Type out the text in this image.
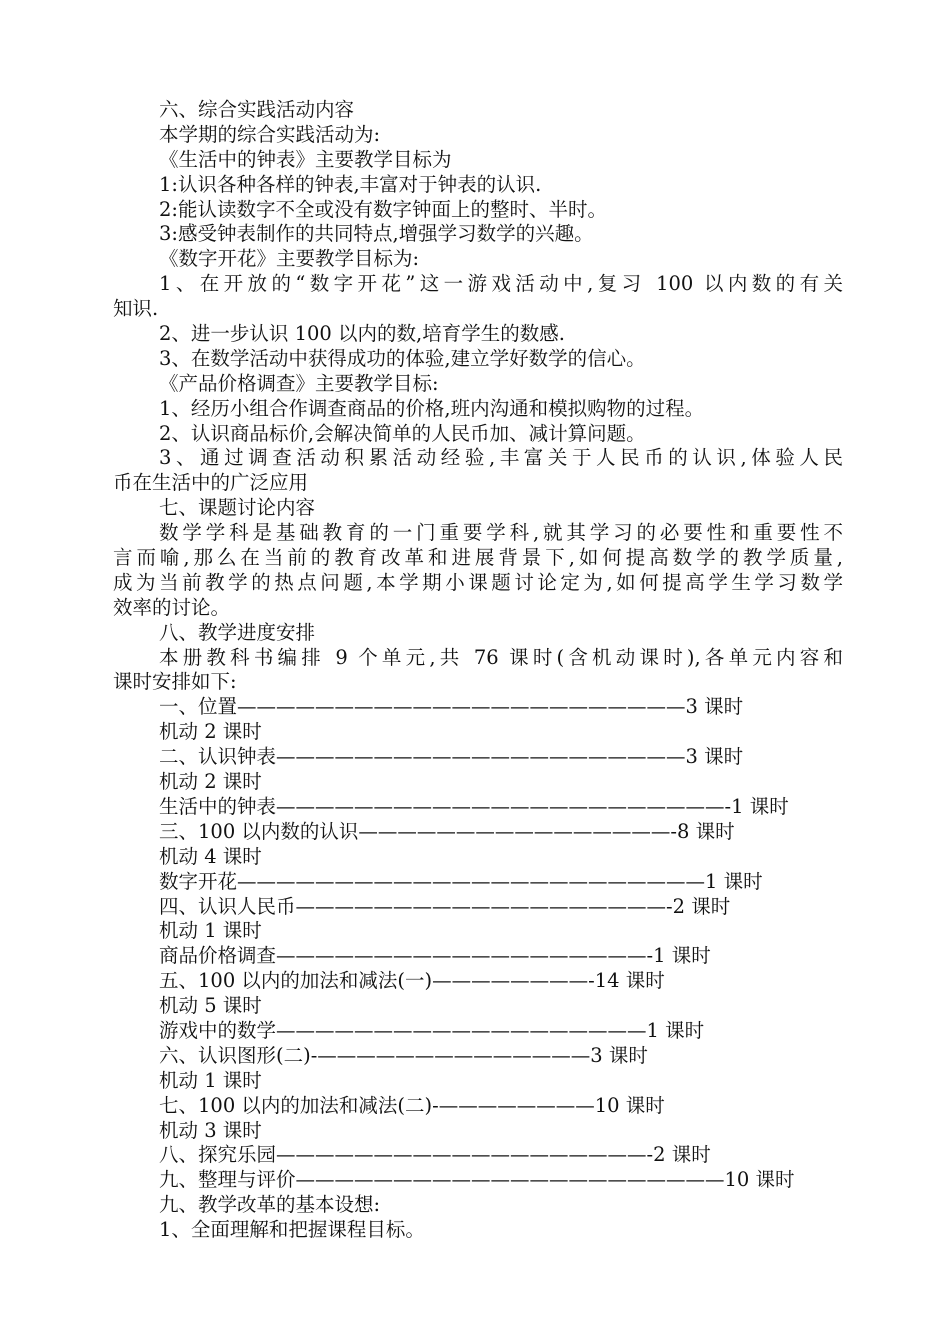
六、综合实践活动内容
本学期的综合实践活动为:
《生活中的钟表》主要教学目标为
1:认识各种各样的钟表,丰富对于钟表的认识.
2:能认读数字不全或没有数字钟面上的整时、半时。
3:感受钟表制作的共同特点,增强学习数学的兴趣。
《数字开花》主要教学目标为:
1、在开放的“数字开花”这一游戏活动中,复习 100 以内数的有关
知识.
2、进一步认识 100 以内的数,培育学生的数感.
3、在数学活动中获得成功的体验,建立学好数学的信心。
《产品价格调查》主要教学目标:
1、经历小组合作调查商品的价格,班内沟通和模拟购物的过程。
2、认识商品标价,会解决简单的人民币加、减计算问题。
3、通过调查活动积累活动经验,丰富关于人民币的认识,体验人民
币在生活中的广泛应用
七、课题讨论内容
数学学科是基础教育的一门重要学科,就其学习的必要性和重要性不
言而喻,那么在当前的教育改革和进展背景下,如何提高数学的教学质量,
成为当前教学的热点问题,本学期小课题讨论定为,如何提高学生学习数学
效率的讨论。
八、教学进度安排
本册教科书编排 9 个单元,共 76 课时(含机动课时),各单元内容和
课时安排如下:
一、位置———————————————————————3 课时
机动 2 课时
二、认识钟表—————————————————————3 课时
机动 2 课时
生活中的钟表———————————————————————-1 课时
三、100 以内数的认识————————————————-8 课时
机动 4 课时
数字开花————————————————————————1 课时
四、认识人民币———————————————————-2 课时
机动 1 课时
商品价格调查———————————————————-1 课时
五、100 以内的加法和减法(一)————————-14 课时
机动 5 课时
游戏中的数学———————————————————1 课时
六、认识图形(二)-——————————————3 课时
机动 1 课时
七、100 以内的加法和减法(二)-————————10 课时
机动 3 课时
八、探究乐园———————————————————-2 课时
九、整理与评价——————————————————————10 课时
九、教学改革的基本设想:
1、全面理解和把握课程目标。
